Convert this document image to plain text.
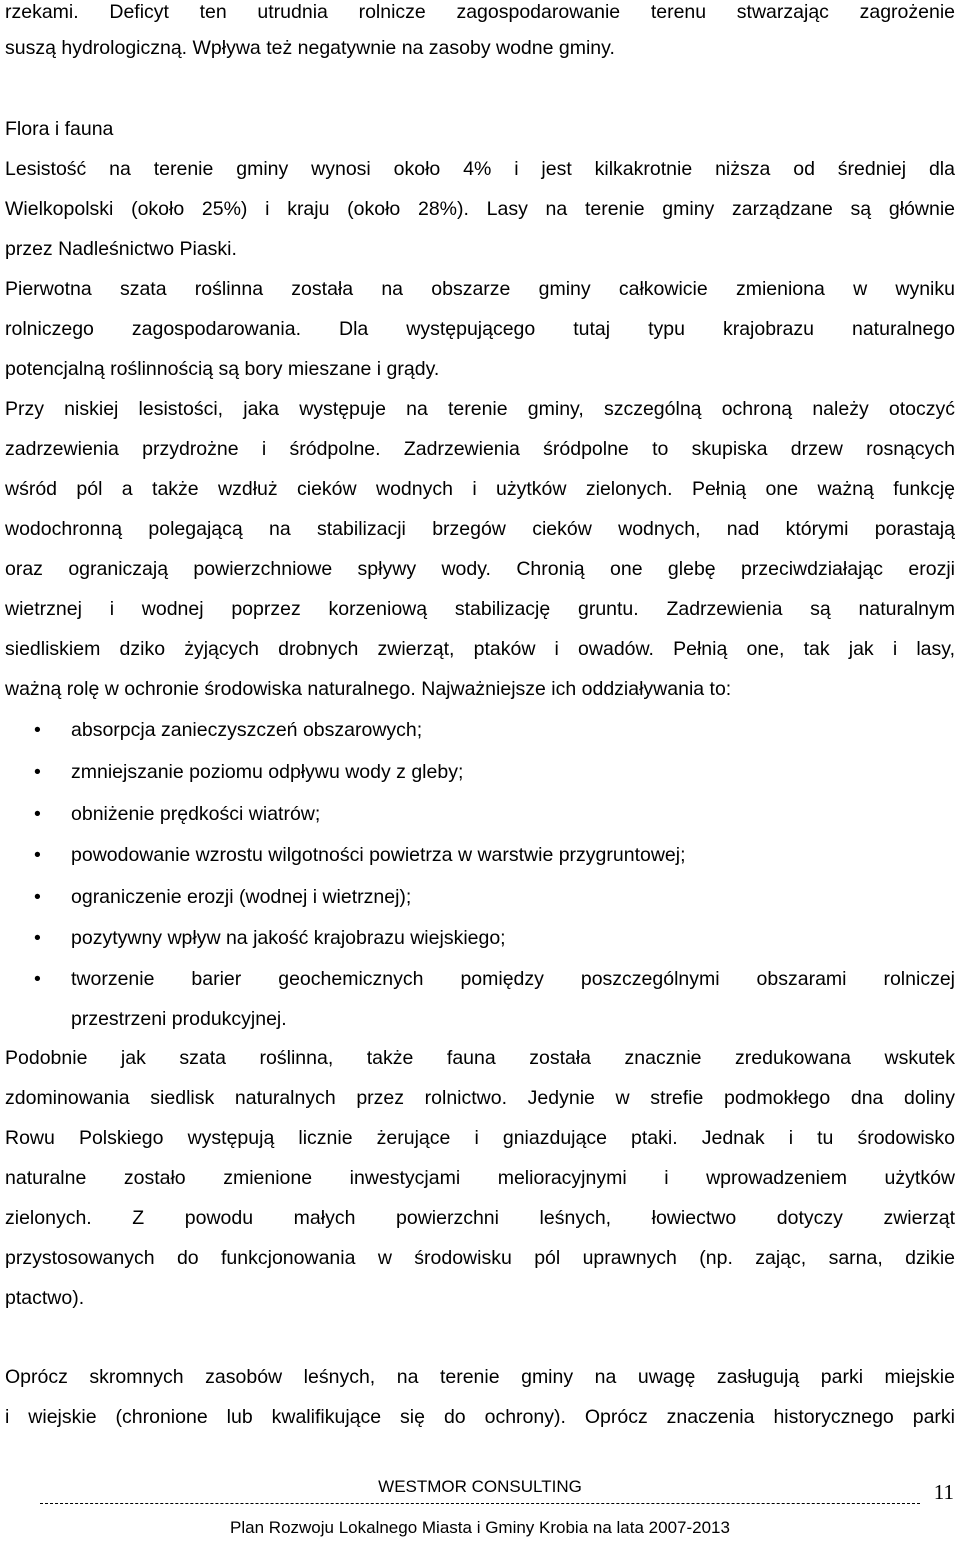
rzekami. Deficyt ten utrudnia rolnicze zagospodarowanie terenu stwarzając zagrożenie
suszą hydrologiczną. Wpływa też negatywnie na zasoby wodne gminy.
Flora i fauna
Lesistość na terenie gminy wynosi około 4% i jest kilkakrotnie niższa od średniej dla
Wielkopolski (około 25%) i kraju (około 28%). Lasy na terenie gminy zarządzane są głównie
przez Nadleśnictwo Piaski.
Pierwotna szata roślinna została na obszarze gminy całkowicie zmieniona w wyniku
rolniczego zagospodarowania. Dla występującego tutaj typu krajobrazu naturalnego
potencjalną roślinnością są bory mieszane i grądy.
Przy niskiej lesistości, jaka występuje na terenie gminy, szczególną ochroną należy otoczyć
zadrzewienia przydrożne i śródpolne. Zadrzewienia śródpolne to skupiska drzew rosnących
wśród pól a także wzdłuż cieków wodnych i użytków zielonych. Pełnią one ważną funkcję
wodochronną polegającą na stabilizacji brzegów cieków wodnych, nad którymi porastają
oraz ograniczają powierzchniowe spływy wody. Chronią one glebę przeciwdziałając erozji
wietrznej i wodnej poprzez korzeniową stabilizację gruntu. Zadrzewienia są naturalnym
siedliskiem dziko żyjących drobnych zwierząt, ptaków i owadów. Pełnią one, tak jak i lasy,
ważną rolę w ochronie środowiska naturalnego. Najważniejsze ich oddziaływania to:
• absorpcja zanieczyszczeń obszarowych;
• zmniejszanie poziomu odpływu wody z gleby;
• obniżenie prędkości wiatrów;
• powodowanie wzrostu wilgotności powietrza w warstwie przygruntowej;
• ograniczenie erozji (wodnej i wietrznej);
• pozytywny wpływ na jakość krajobrazu wiejskiego;
• tworzenie barier geochemicznych pomiędzy poszczególnymi obszarami rolniczej
przestrzeni produkcyjnej.
Podobnie jak szata roślinna, także fauna została znacznie zredukowana wskutek
zdominowania siedlisk naturalnych przez rolnictwo. Jedynie w strefie podmokłego dna doliny
Rowu Polskiego występują licznie żerujące i gniazdujące ptaki. Jednak i tu środowisko
naturalne zostało zmienione inwestycjami melioracyjnymi i wprowadzeniem użytków
zielonych. Z powodu małych powierzchni leśnych, łowiectwo dotyczy zwierząt
przystosowanych do funkcjonowania w środowisku pól uprawnych (np. zając, sarna, dzikie
ptactwo).
Oprócz skromnych zasobów leśnych, na terenie gminy na uwagę zasługują parki miejskie
i wiejskie (chronione lub kwalifikujące się do ochrony). Oprócz znaczenia historycznego parki
WESTMOR CONSULTING	11
Plan Rozwoju Lokalnego Miasta i Gminy Krobia na lata 2007-2013
